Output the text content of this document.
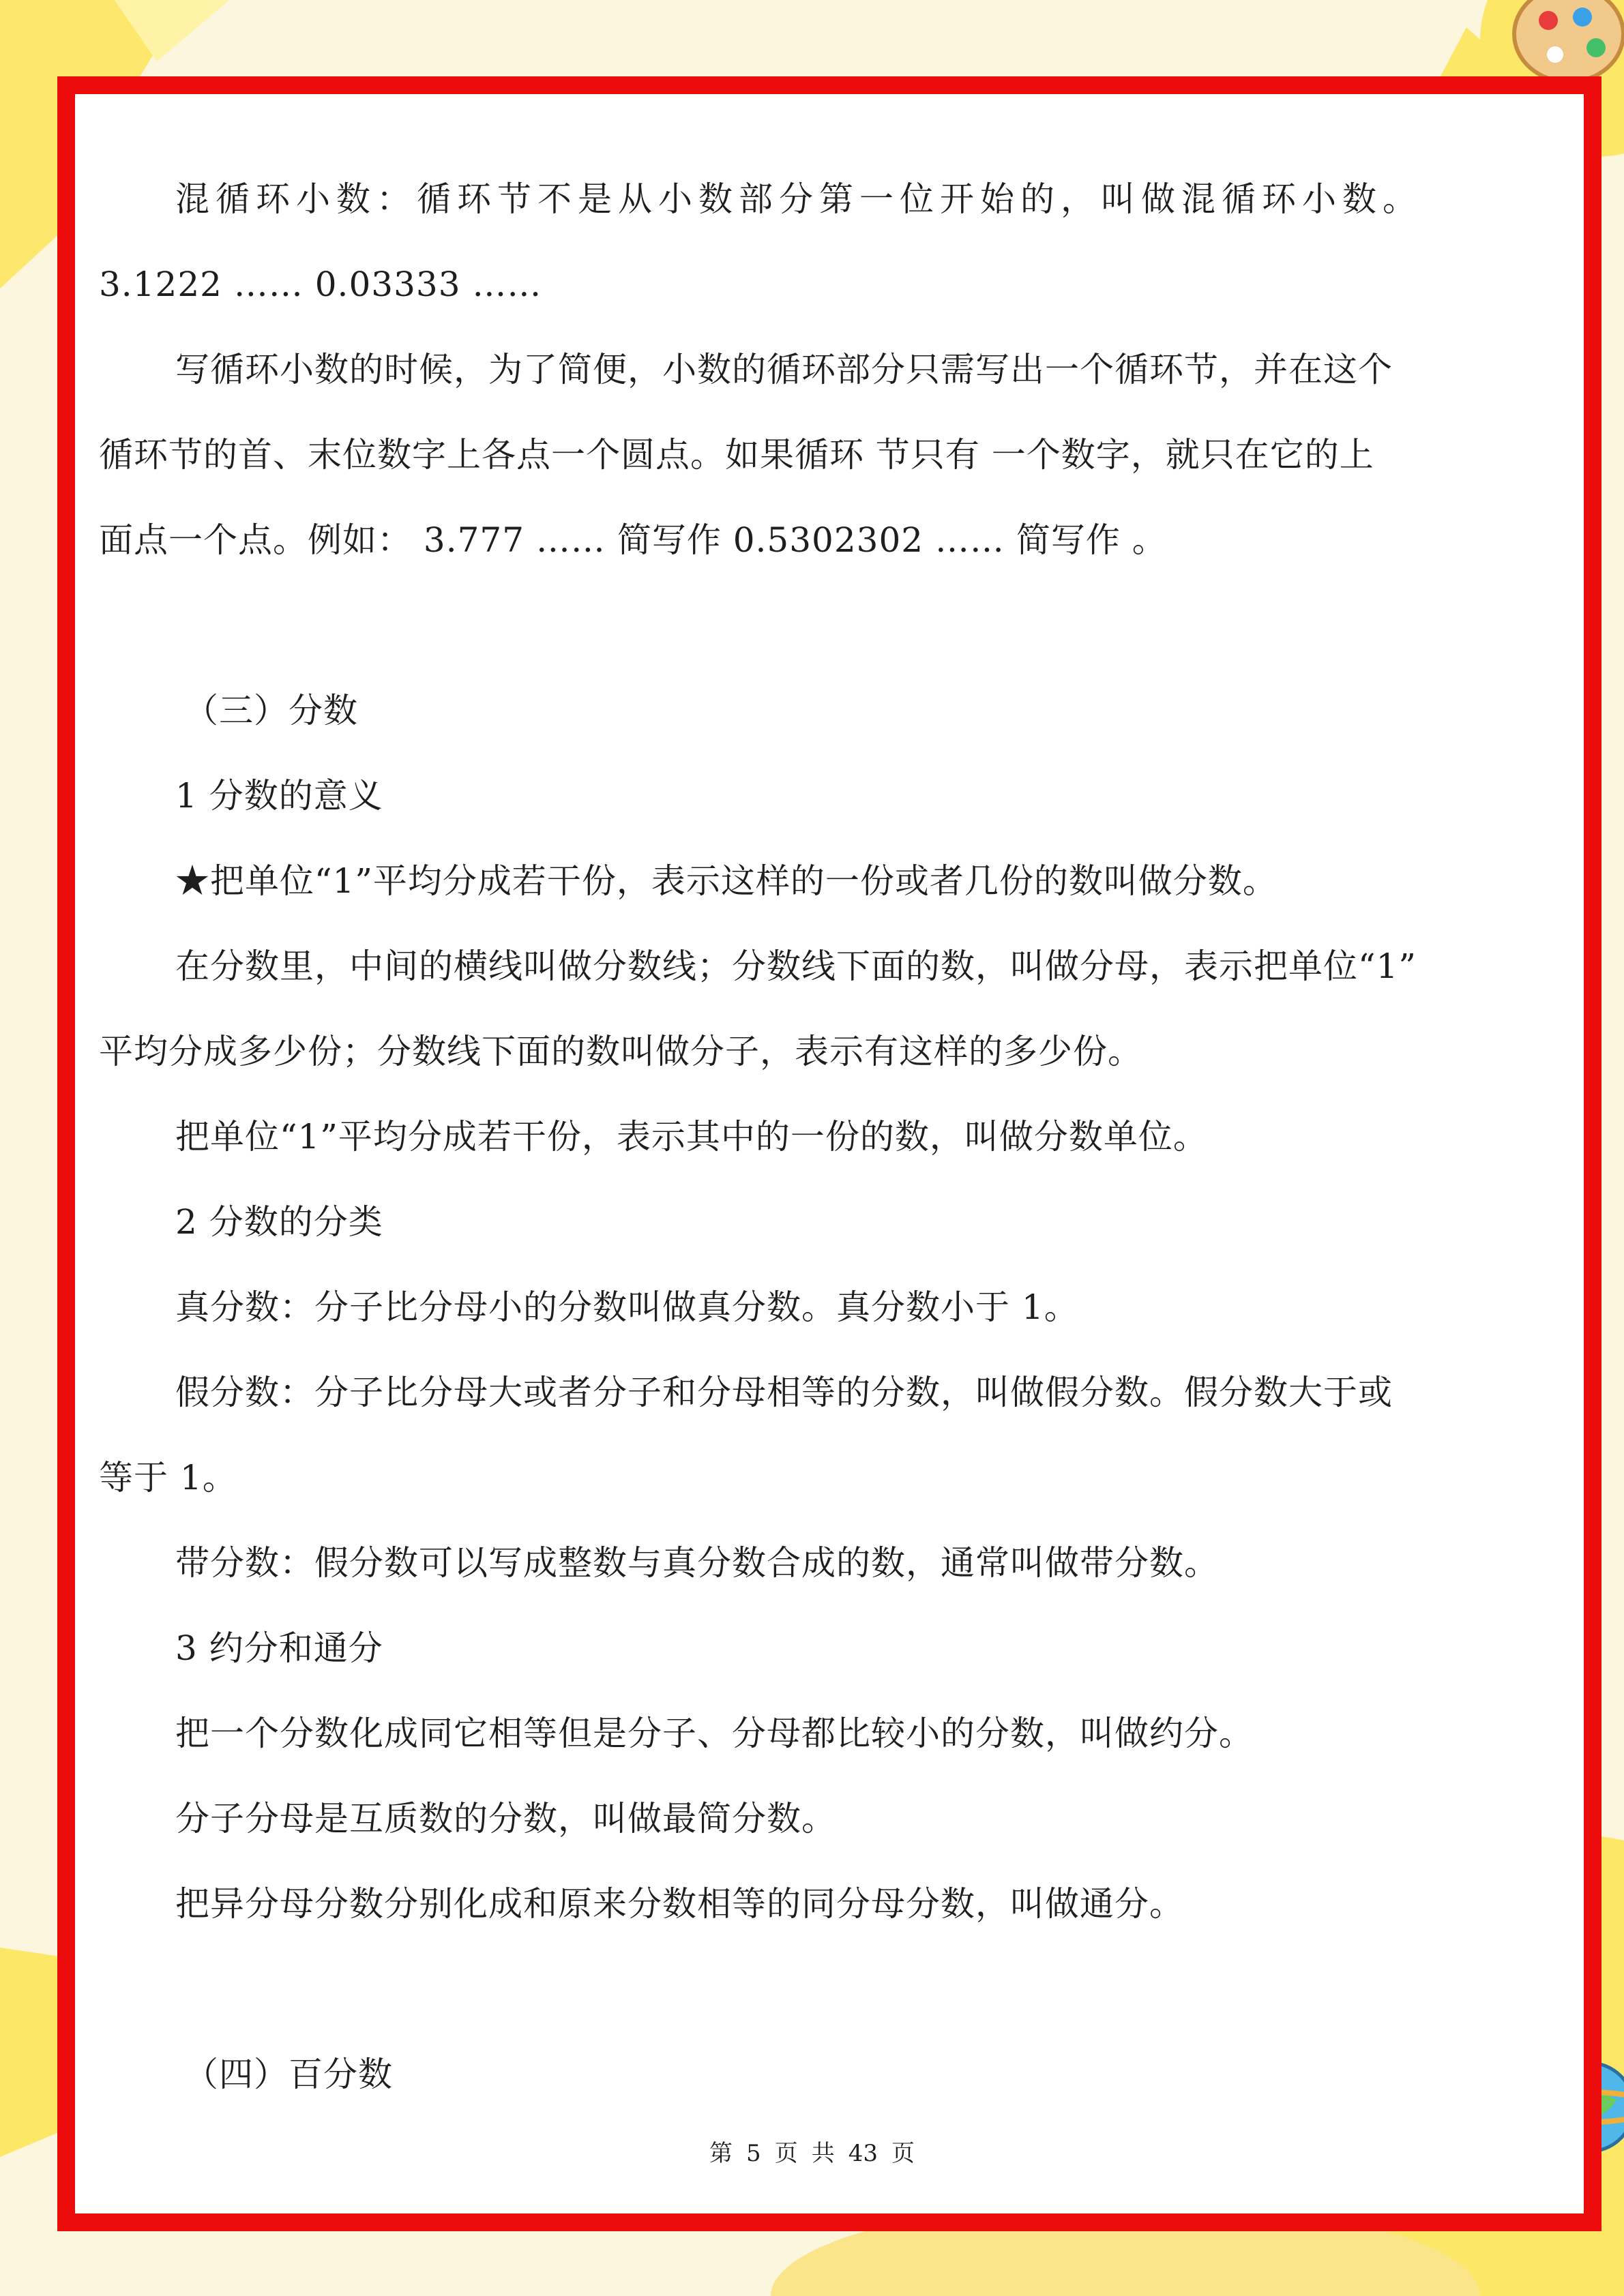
混循环小数：循环节不是从小数部分第一位开始的，叫做混循环小数。

3.1222 …… 0.03333 ……

写循环小数的时候，为了简便，小数的循环部分只需写出一个循环节，并在这个

循环节的首、末位数字上各点一个圆点。如果循环 节只有 一个数字，就只在它的上

面点一个点。例如： 3.777 …… 简写作 0.5302302 …… 简写作 。

（三）分数

1 分数的意义

★把单位“1”平均分成若干份，表示这样的一份或者几份的数叫做分数。

在分数里，中间的横线叫做分数线；分数线下面的数，叫做分母，表示把单位“1”

平均分成多少份；分数线下面的数叫做分子，表示有这样的多少份。

把单位“1”平均分成若干份，表示其中的一份的数，叫做分数单位。

2 分数的分类

真分数：分子比分母小的分数叫做真分数。真分数小于 1。

假分数：分子比分母大或者分子和分母相等的分数，叫做假分数。假分数大于或

等于 1。

带分数：假分数可以写成整数与真分数合成的数，通常叫做带分数。

3 约分和通分

把一个分数化成同它相等但是分子、分母都比较小的分数，叫做约分。

分子分母是互质数的分数，叫做最简分数。

把异分母分数分别化成和原来分数相等的同分母分数，叫做通分。

（四）百分数

第 5 页 共 43 页
